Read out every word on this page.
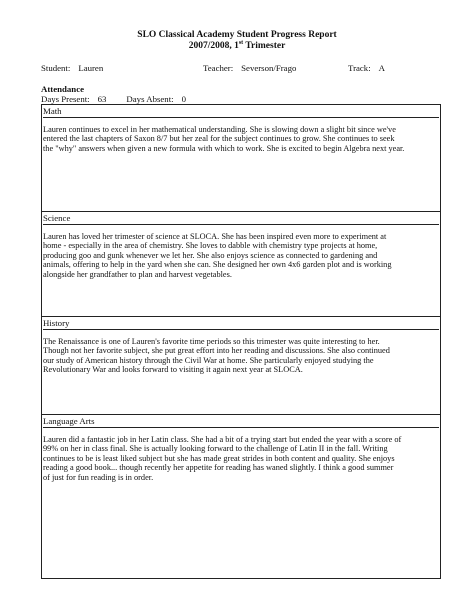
SLO Classical Academy Student Progress Report
2007/2008, 1st Trimester
Student: Lauren	Teacher: Severson/Frago	Track: A
Attendance
Days Present: 63 Days Absent: 0
Math
Lauren continues to excel in her mathematical understanding. She is slowing down a slight bit since we've
entered the last chapters of Saxon 8/7 but her zeal for the subject continues to grow. She continues to seek
the "why" answers when given a new formula with which to work. She is excited to begin Algebra next year.
Science
Lauren has loved her trimester of science at SLOCA. She has been inspired even more to experiment at
home - especially in the area of chemistry. She loves to dabble with chemistry type projects at home,
producing goo and gunk whenever we let her. She also enjoys science as connected to gardening and
animals, offering to help in the yard when she can. She designed her own 4x6 garden plot and is working
alongside her grandfather to plan and harvest vegetables.
History
The Renaissance is one of Lauren's favorite time periods so this trimester was quite interesting to her.
Though not her favorite subject, she put great effort into her reading and discussions. She also continued
our study of American history through the Civil War at home. She particularly enjoyed studying the
Revolutionary War and looks forward to visiting it again next year at SLOCA.
Language Arts
Lauren did a fantastic job in her Latin class. She had a bit of a trying start but ended the year with a score of
99% on her in class final. She is actually looking forward to the challenge of Latin II in the fall. Writing
continues to be is least liked subject but she has made great strides in both content and quality. She enjoys
reading a good book... though recently her appetite for reading has waned slightly. I think a good summer
of just for fun reading is in order.
